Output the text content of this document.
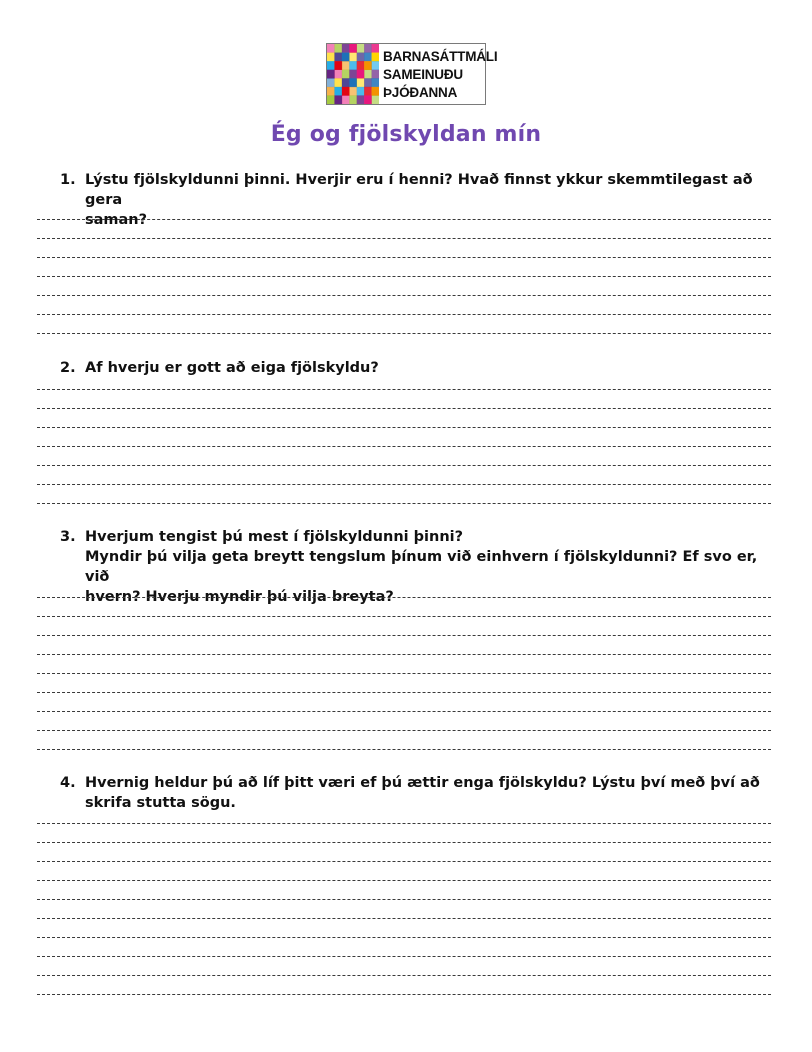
BARNASÁTTMÁLI
SAMEINUÐU
ÞJÓÐANNA
Ég og fjölskyldan mín
1. Lýstu fjölskyldunni þinni. Hverjir eru í henni? Hvað finnst ykkur skemmtilegast að gera
saman?
2. Af hverju er gott að eiga fjölskyldu?
3. Hverjum tengist þú mest í fjölskyldunni þinni?
Myndir þú vilja geta breytt tengslum þínum við einhvern í fjölskyldunni? Ef svo er, við
hvern? Hverju myndir þú vilja breyta?
4. Hvernig heldur þú að líf þitt væri ef þú ættir enga fjölskyldu? Lýstu því með því að
skrifa stutta sögu.
